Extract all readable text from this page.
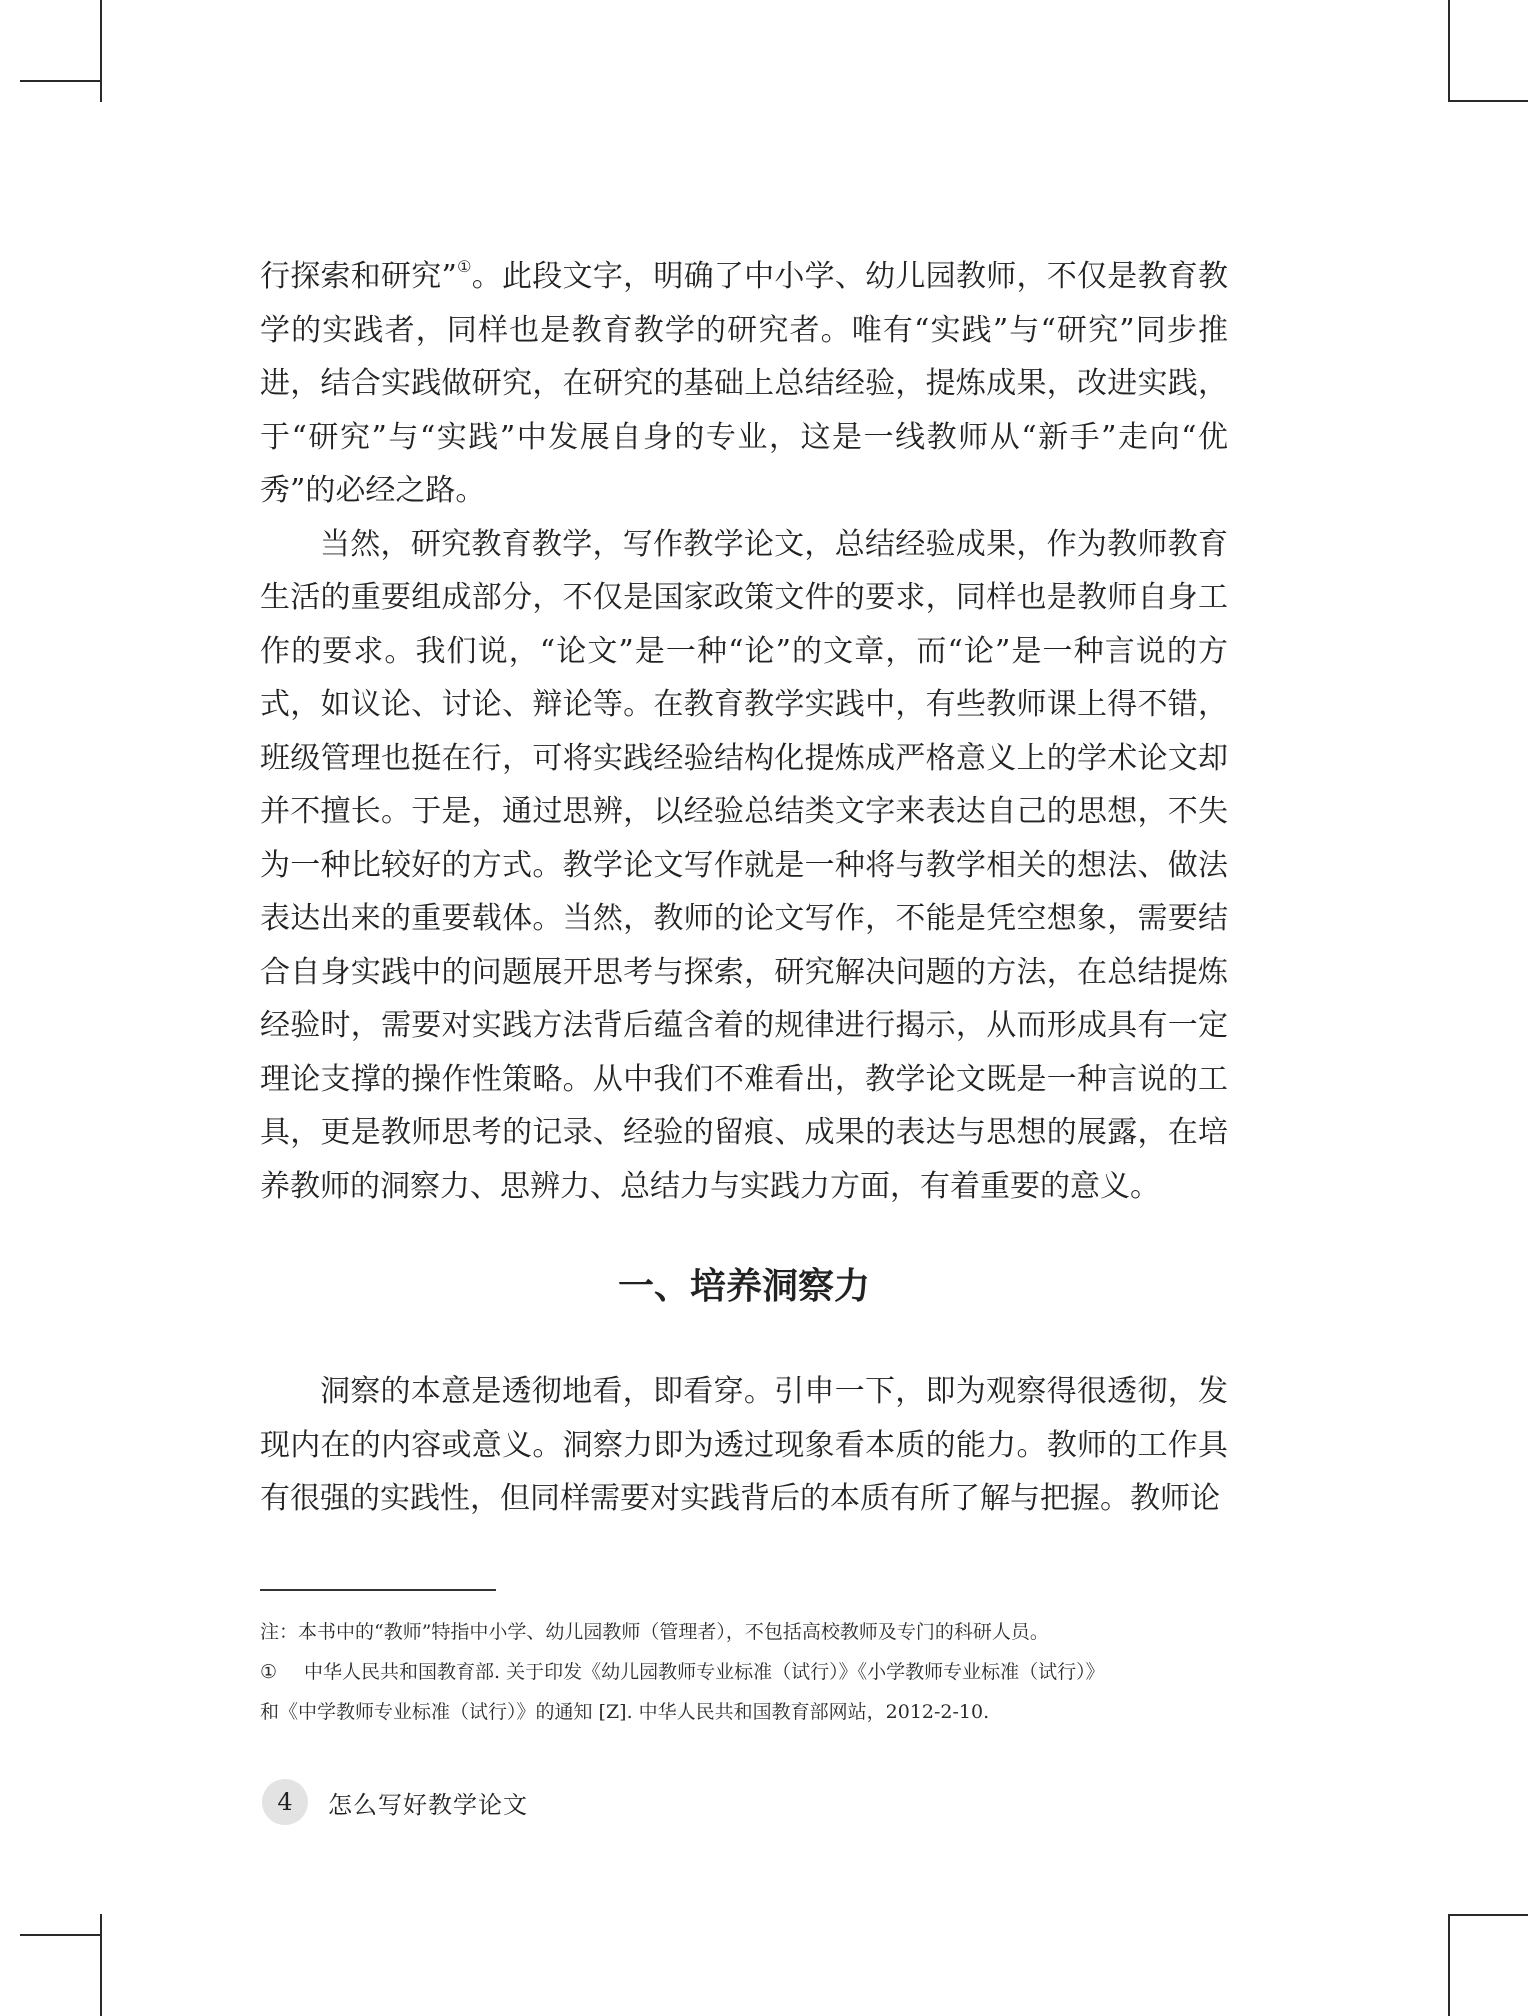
行探索和研究”①。此段文字，明确了中小学、幼儿园教师，不仅是教育教学的实践者，同样也是教育教学的研究者。唯有“实践”与“研究”同步推进，结合实践做研究，在研究的基础上总结经验，提炼成果，改进实践，于“研究”与“实践”中发展自身的专业，这是一线教师从“新手”走向“优秀”的必经之路。

当然，研究教育教学，写作教学论文，总结经验成果，作为教师教育生活的重要组成部分，不仅是国家政策文件的要求，同样也是教师自身工作的要求。我们说，“论文”是一种“论”的文章，而“论”是一种言说的方式，如议论、讨论、辩论等。在教育教学实践中，有些教师课上得不错，班级管理也挺在行，可将实践经验结构化提炼成严格意义上的学术论文却并不擅长。于是，通过思辨，以经验总结类文字来表达自己的思想，不失为一种比较好的方式。教学论文写作就是一种将与教学相关的想法、做法表达出来的重要载体。当然，教师的论文写作，不能是凭空想象，需要结合自身实践中的问题展开思考与探索，研究解决问题的方法，在总结提炼经验时，需要对实践方法背后蕴含着的规律进行揭示，从而形成具有一定理论支撑的操作性策略。从中我们不难看出，教学论文既是一种言说的工具，更是教师思考的记录、经验的留痕、成果的表达与思想的展露，在培养教师的洞察力、思辨力、总结力与实践力方面，有着重要的意义。

一、培养洞察力

洞察的本意是透彻地看，即看穿。引申一下，即为观察得很透彻，发现内在的内容或意义。洞察力即为透过现象看本质的能力。教师的工作具有很强的实践性，但同样需要对实践背后的本质有所了解与把握。教师论

注：本书中的“教师”特指中小学、幼儿园教师（管理者），不包括高校教师及专门的科研人员。

① 中华人民共和国教育部. 关于印发《幼儿园教师专业标准（试行）》《小学教师专业标准（试行）》

和《中学教师专业标准（试行）》的通知 [Z]. 中华人民共和国教育部网站，2012-2-10.

4	怎么写好教学论文
